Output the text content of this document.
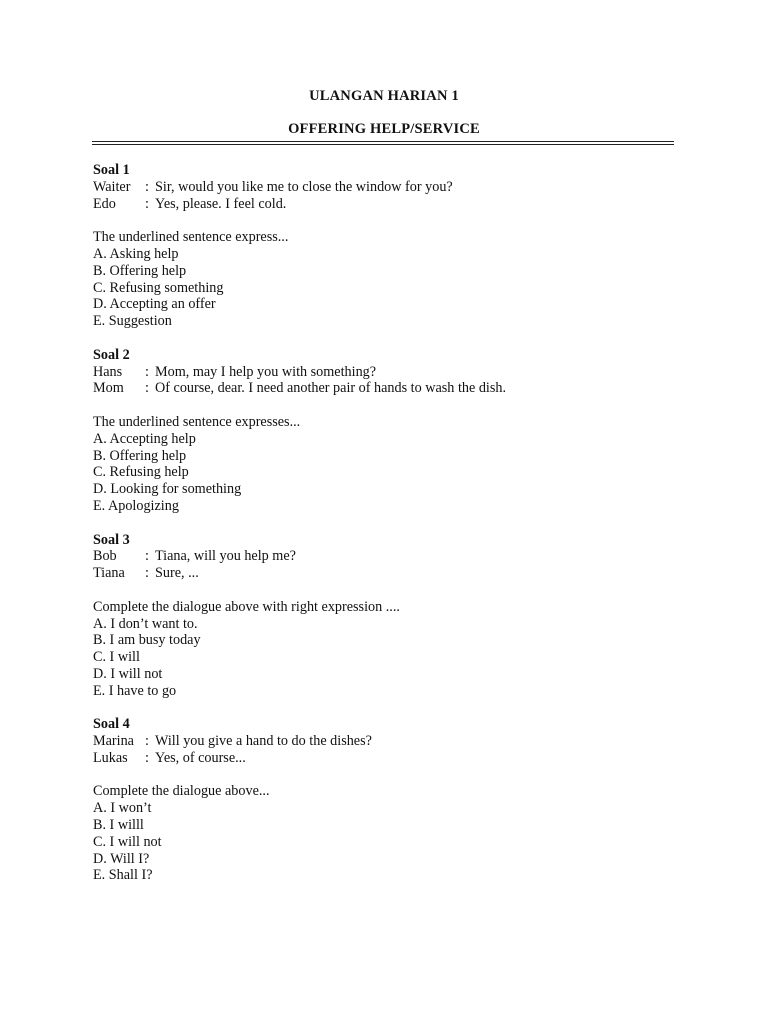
ULANGAN HARIAN 1
OFFERING HELP/SERVICE
Soal 1
Waiter	: Sir, would you like me to close the window for you?
Edo	: Yes, please. I feel cold.
The underlined sentence express...
A. Asking help
B. Offering help
C. Refusing something
D. Accepting an offer
E. Suggestion
Soal 2
Hans	: Mom, may I help you with something?
Mom	: Of course, dear. I need another pair of hands to wash the dish.
The underlined sentence expresses...
A. Accepting help
B. Offering help
C. Refusing help
D. Looking for something
E. Apologizing
Soal 3
Bob	: Tiana, will you help me?
Tiana	: Sure, ...
Complete the dialogue above with right expression ....
A. I don’t want to.
B. I am busy today
C. I will
D. I will not
E. I have to go
Soal 4
Marina : Will you give a hand to do the dishes?
Lukas	: Yes, of course...
Complete the dialogue above...
A. I won’t
B. I willl
C. I will not
D. Will I?
E. Shall I?
